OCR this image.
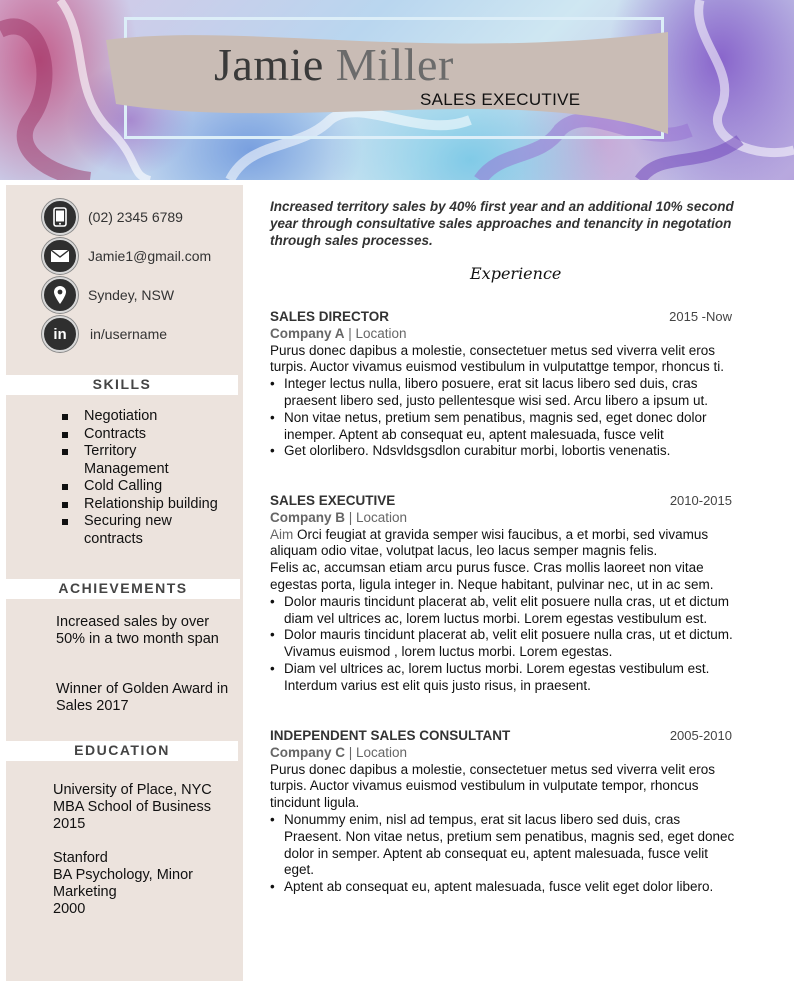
Jamie Miller
SALES EXECUTIVE
(02) 2345 6789
Jamie1@gmail.com
Syndey, NSW
in in/username
SKILLS
Negotiation
Contracts
Territory Management
Cold Calling
Relationship building
Securing new contracts
ACHIEVEMENTS
Increased sales by over 50% in a two month span
Winner of Golden Award in Sales 2017
EDUCATION
University of Place, NYC
MBA School of Business
2015
Stanford
BA Psychology, Minor Marketing
2000
Increased territory sales by 40% first year and an additional 10% second year through consultative sales approaches and tenancity in negotation through sales processes.
Experience
SALES DIRECTOR	2015 -Now
Company A | Location
Purus donec dapibus a molestie, consectetuer metus sed viverra velit eros turpis. Auctor vivamus euismod vestibulum in vulputattge tempor, rhoncus ti.
• Integer lectus nulla, libero posuere, erat sit lacus libero sed duis, cras praesent libero sed, justo pellentesque wisi sed. Arcu libero a ipsum ut.
• Non vitae netus, pretium sem penatibus, magnis sed, eget donec dolor inemper. Aptent ab consequat eu, aptent malesuada, fusce velit
• Get olorlibero. Ndsvldsgsdlon curabitur morbi, lobortis venenatis.
SALES EXECUTIVE	2010-2015
Company B | Location
Aim Orci feugiat at gravida semper wisi faucibus, a et morbi, sed vivamus aliquam odio vitae, volutpat lacus, leo lacus semper magnis felis.
Felis ac, accumsan etiam arcu purus fusce. Cras mollis laoreet non vitae egestas porta, ligula integer in. Neque habitant, pulvinar nec, ut in ac sem.
• Dolor mauris tincidunt placerat ab, velit elit posuere nulla cras, ut et dictum diam vel ultrices ac, lorem luctus morbi. Lorem egestas vestibulum est.
• Dolor mauris tincidunt placerat ab, velit elit posuere nulla cras, ut et dictum. Vivamus euismod , lorem luctus morbi. Lorem egestas.
• Diam vel ultrices ac, lorem luctus morbi. Lorem egestas vestibulum est. Interdum varius est elit quis justo risus, in praesent.
INDEPENDENT SALES CONSULTANT	2005-2010
Company C | Location
Purus donec dapibus a molestie, consectetuer metus sed viverra velit eros turpis. Auctor vivamus euismod vestibulum in vulputate tempor, rhoncus tincidunt ligula.
• Nonummy enim, nisl ad tempus, erat sit lacus libero sed duis, cras Praesent. Non vitae netus, pretium sem penatibus, magnis sed, eget donec dolor in semper. Aptent ab consequat eu, aptent malesuada, fusce velit eget.
• Aptent ab consequat eu, aptent malesuada, fusce velit eget dolor libero.
